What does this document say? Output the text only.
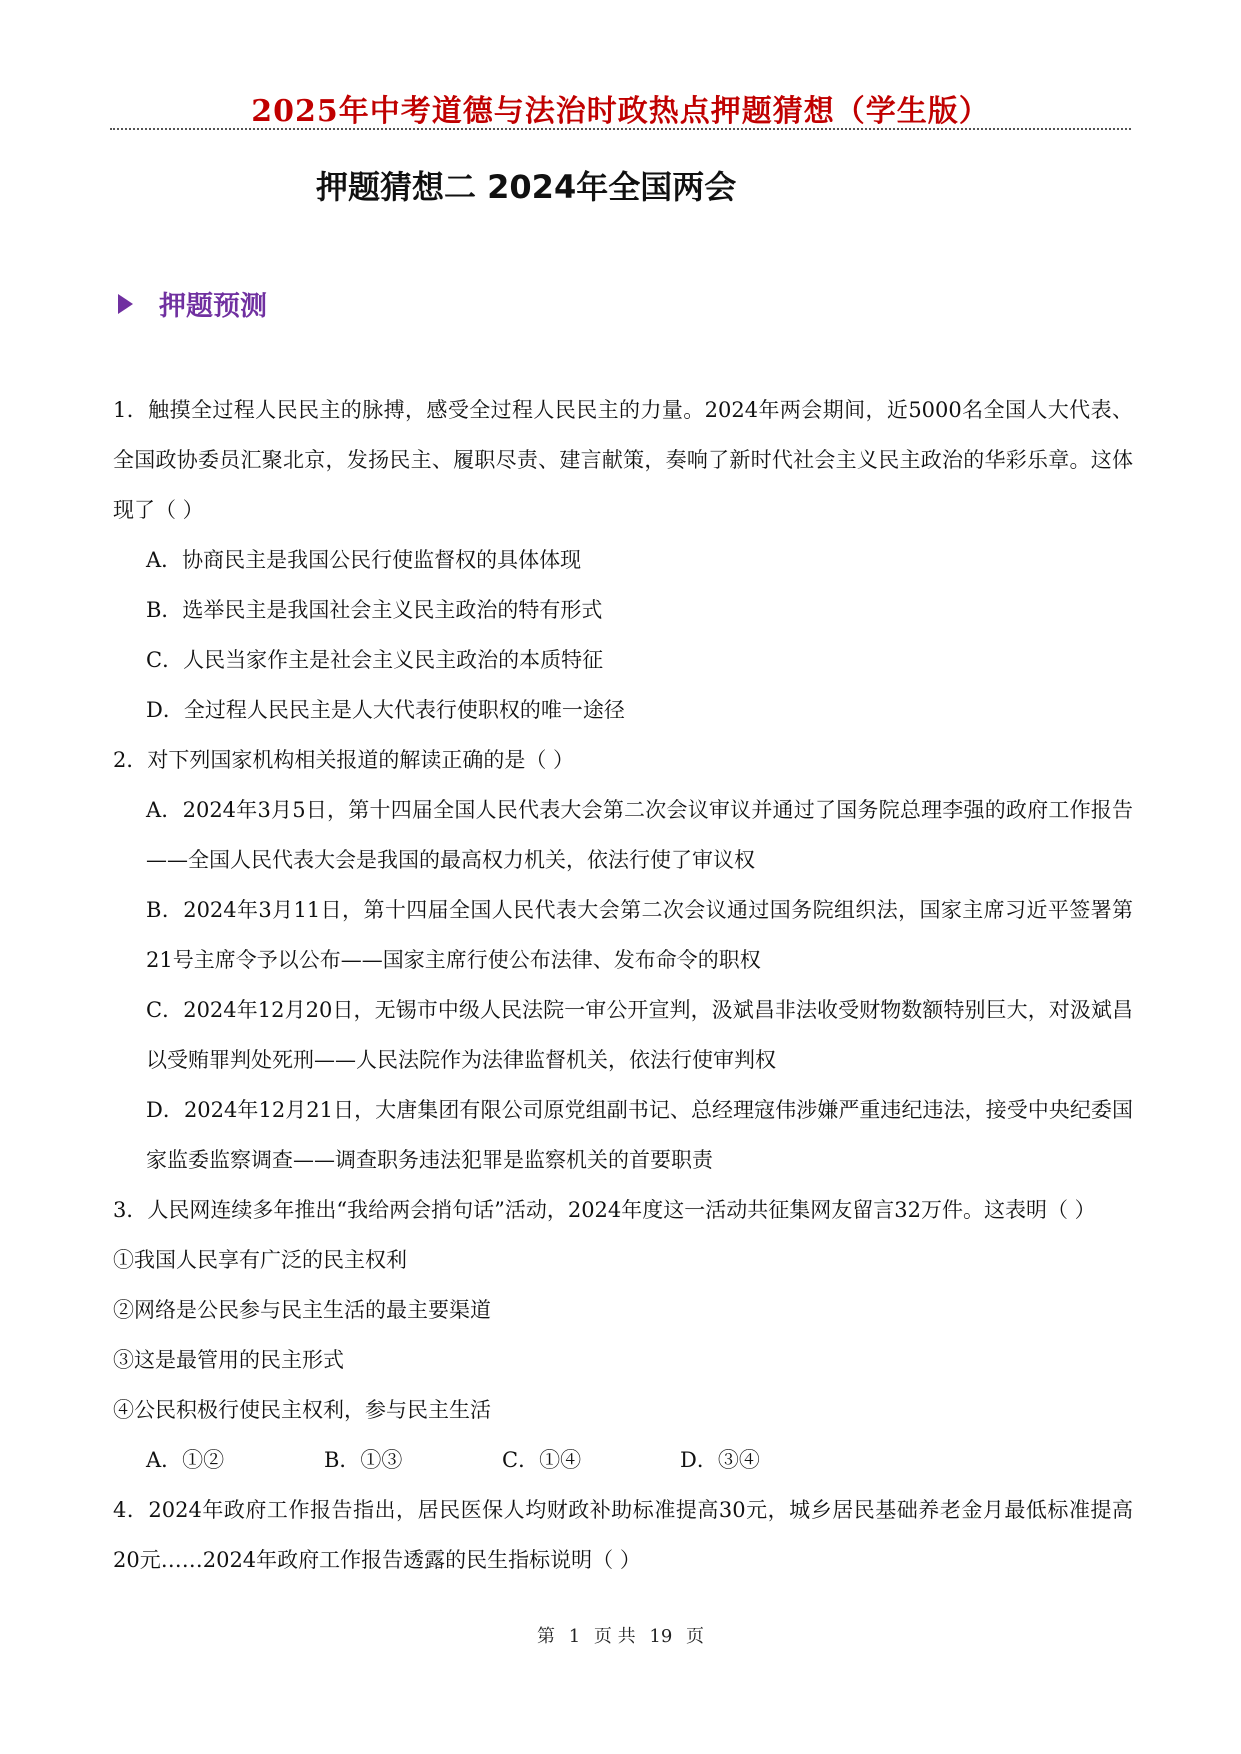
2025年中考道德与法治时政热点押题猜想（学生版）
押题猜想二 2024年全国两会
押题预测

1．触摸全过程人民民主的脉搏，感受全过程人民民主的力量。2024年两会期间，近5000名全国人大代表、全国政协委员汇聚北京，发扬民主、履职尽责、建言献策，奏响了新时代社会主义民主政治的华彩乐章。这体现了（ ）

A．协商民主是我国公民行使监督权的具体体现

B．选举民主是我国社会主义民主政治的特有形式

C．人民当家作主是社会主义民主政治的本质特征

D．全过程人民民主是人大代表行使职权的唯一途径

2．对下列国家机构相关报道的解读正确的是（ ）

A．2024年3月5日，第十四届全国人民代表大会第二次会议审议并通过了国务院总理李强的政府工作报告——全国人民代表大会是我国的最高权力机关，依法行使了审议权

B．2024年3月11日，第十四届全国人民代表大会第二次会议通过国务院组织法，国家主席习近平签署第21号主席令予以公布——国家主席行使公布法律、发布命令的职权

C．2024年12月20日，无锡市中级人民法院一审公开宣判，汲斌昌非法收受财物数额特别巨大，对汲斌昌以受贿罪判处死刑——人民法院作为法律监督机关，依法行使审判权

D．2024年12月21日，大唐集团有限公司原党组副书记、总经理寇伟涉嫌严重违纪违法，接受中央纪委国家监委监察调查——调查职务违法犯罪是监察机关的首要职责

3．人民网连续多年推出“我给两会捎句话”活动，2024年度这一活动共征集网友留言32万件。这表明（ ）

①我国人民享有广泛的民主权利

②网络是公民参与民主生活的最主要渠道

③这是最管用的民主形式

④公民积极行使民主权利，参与民主生活

A．①②	B．①③	C．①④	D．③④

4．2024年政府工作报告指出，居民医保人均财政补助标准提高30元，城乡居民基础养老金月最低标准提高20元……2024年政府工作报告透露的民生指标说明（ ）

第 1 页 共 19 页
